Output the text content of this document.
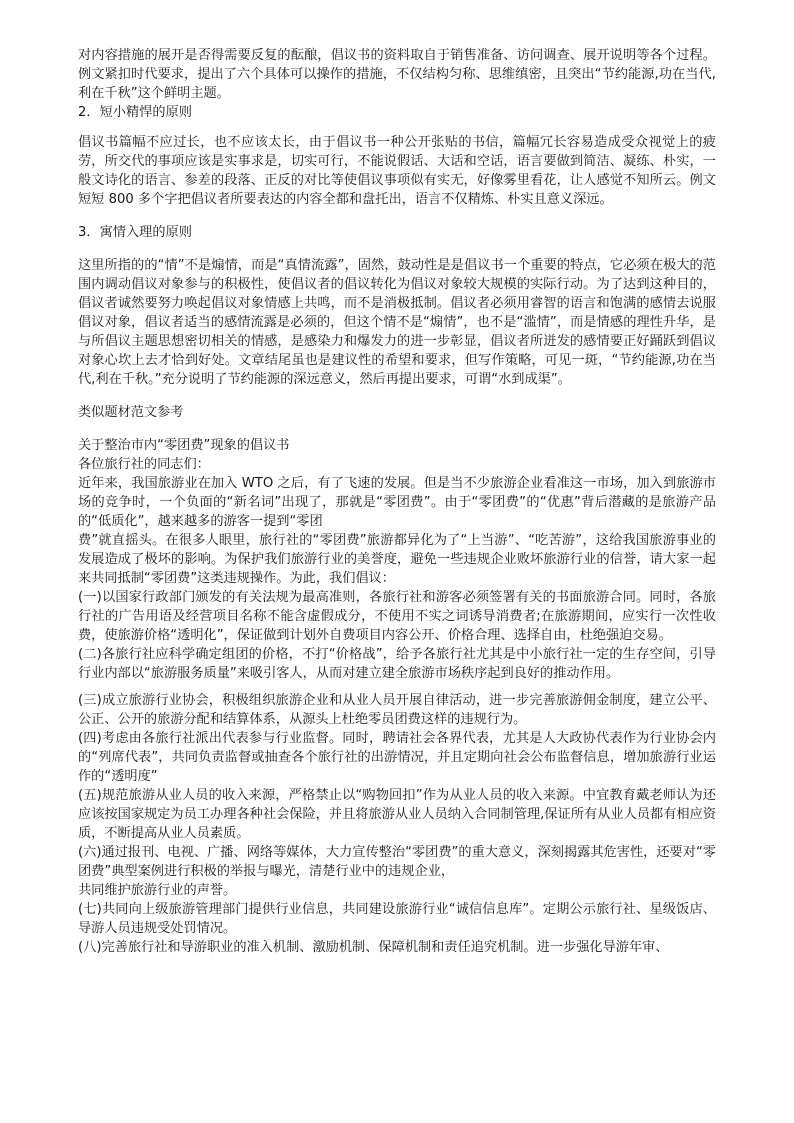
对内容措施的展开是否得需要反复的酝酿，倡议书的资料取自于销售准备、访问调查、展开说明等各个过程。例文紧扣时代要求，提出了六个具体可以操作的措施，不仅结构匀称、思维缜密，且突出“节约能源,功在当代,利在千秋”这个鲜明主题。

2．短小精悍的原则

倡议书篇幅不应过长，也不应该太长，由于倡议书一种公开张贴的书信，篇幅冗长容易造成受众视觉上的疲劳，所交代的事项应该是实事求是，切实可行，不能说假话、大话和空话，语言要做到简洁、凝练、朴实，一般文诗化的语言、参差的段落、正反的对比等使倡议事项似有实无，好像雾里看花，让人感觉不知所云。例文短短 800 多个字把倡议者所要表达的内容全都和盘托出，语言不仅精炼、朴实且意义深远。

3．寓情入理的原则

这里所指的的“情”不是煽情，而是“真情流露”，固然，鼓动性是是倡议书一个重要的特点，它必须在极大的范围内调动倡议对象参与的积极性，使倡议者的倡议转化为倡议对象较大规模的实际行动。为了达到这种目的，倡议者诚然要努力唤起倡议对象情感上共鸣，而不是消极抵制。倡议者必须用睿智的语言和饱满的感情去说服倡议对象，倡议者适当的感情流露是必须的，但这个情不是“煽情”，也不是“滥情”，而是情感的理性升华，是与所倡议主题思想密切相关的情感，是感染力和爆发力的进一步彰显，倡议者所迸发的感情要正好踊跃到倡议对象心坎上去才恰到好处。文章结尾虽也是建议性的希望和要求，但写作策略，可见一斑，“节约能源,功在当代,利在千秋。”充分说明了节约能源的深远意义，然后再提出要求，可谓“水到成渠”。

类似题材范文参考

关于整治市内“零团费”现象的倡议书

各位旅行社的同志们：

近年来，我国旅游业在加入 WTO 之后，有了飞速的发展。但是当不少旅游企业看准这一市场，加入到旅游市场的竞争时，一个负面的“新名词”出现了，那就是“零团费”。由于“零团费”的“优惠”背后潜藏的是旅游产品的“低质化”，越来越多的游客一提到“零团

费”就直摇头。在很多人眼里，旅行社的“零团费”旅游都异化为了“上当游”、“吃苦游”，这给我国旅游事业的发展造成了极坏的影响。为保护我们旅游行业的美誉度，避免一些违规企业败坏旅游行业的信誉，请大家一起来共同抵制“零团费”这类违规操作。为此，我们倡议：

(一)以国家行政部门颁发的有关法规为最高准则，各旅行社和游客必须签署有关的书面旅游合同。同时，各旅行社的广告用语及经营项目名称不能含虚假成分，不使用不实之词诱导消费者;在旅游期间，应实行一次性收费，使旅游价格“透明化”，保证做到计划外自费项目内容公开、价格合理、选择自由，杜绝强迫交易。

(二)各旅行社应科学确定组团的价格，不打“价格战”，给予各旅行社尤其是中小旅行社一定的生存空间，引导行业内部以“旅游服务质量”来吸引客人，从而对建立建全旅游市场秩序起到良好的推动作用。

(三)成立旅游行业协会，积极组织旅游企业和从业人员开展自律活动，进一步完善旅游佣金制度，建立公平、公正、公开的旅游分配和结算体系，从源头上杜绝零员团费这样的违规行为。

(四)考虑由各旅行社派出代表参与行业监督。同时，聘请社会各界代表，尤其是人大政协代表作为行业协会内的“列席代表”，共同负责监督或抽查各个旅行社的出游情况，并且定期向社会公布监督信息，增加旅游行业运作的“透明度”

(五)规范旅游从业人员的收入来源，严格禁止以“购物回扣”作为从业人员的收入来源。中宜教育戴老师认为还应该按国家规定为员工办理各种社会保险，并且将旅游从业人员纳入合同制管理,保证所有从业人员都有相应资质，不断提高从业人员素质。

(六)通过报刊、电视、广播、网络等媒体，大力宣传整治“零团费”的重大意义，深刻揭露其危害性，还要对“零团费”典型案例进行积极的举报与曝光，清楚行业中的违规企业，

共同维护旅游行业的声誉。

(七)共同向上级旅游管理部门提供行业信息，共同建设旅游行业“诚信信息库”。定期公示旅行社、星级饭店、导游人员违规受处罚情况。

(八)完善旅行社和导游职业的准入机制、激励机制、保障机制和责任追究机制。进一步强化导游年审、
